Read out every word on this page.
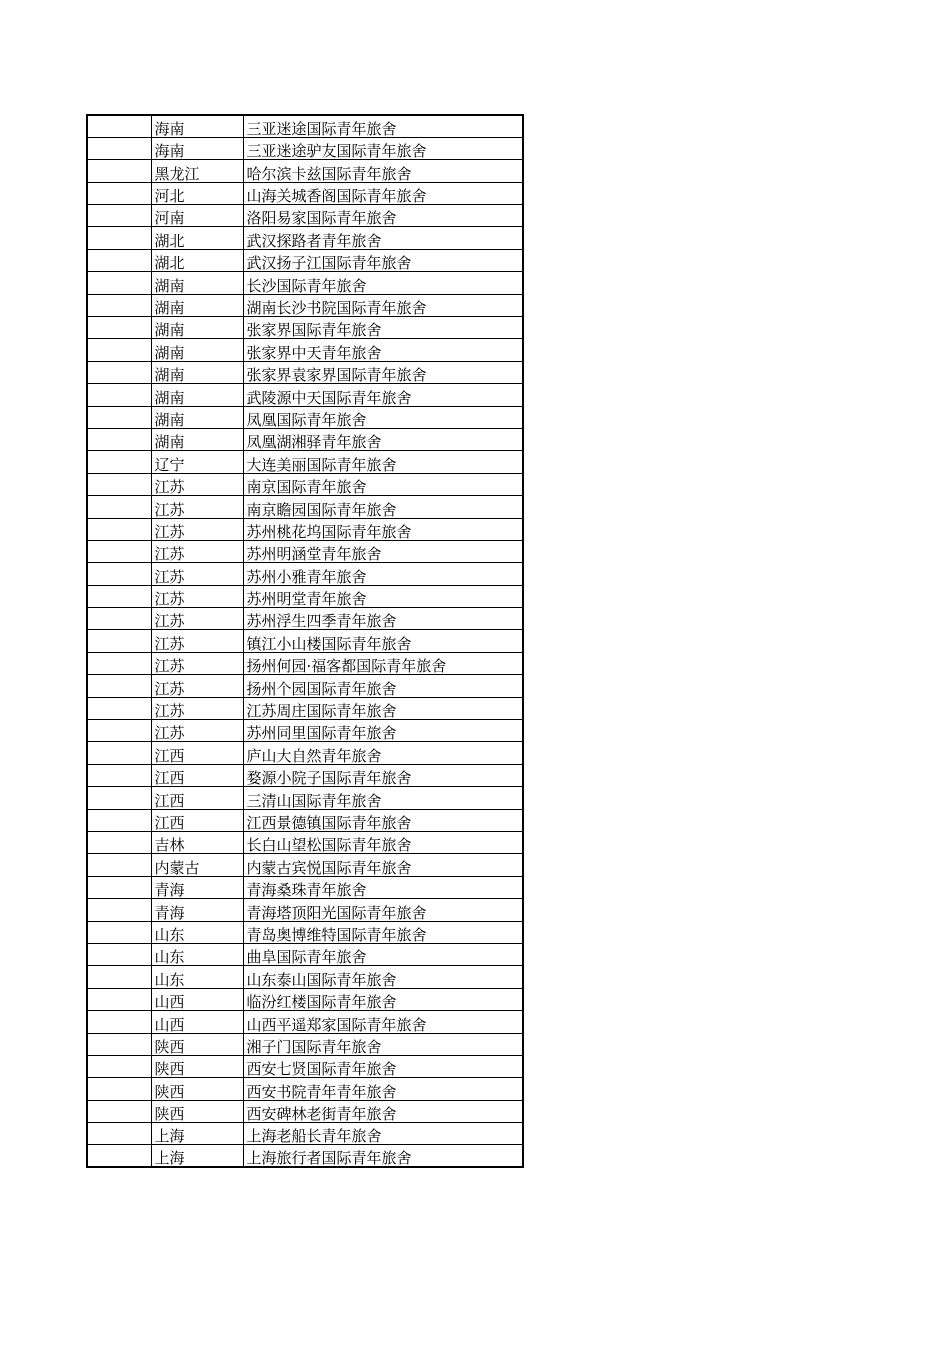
	海南	三亚迷途国际青年旅舍
	海南	三亚迷途驴友国际青年旅舍
	黑龙江	哈尔滨卡兹国际青年旅舍
	河北	山海关城香阁国际青年旅舍
	河南	洛阳易家国际青年旅舍
	湖北	武汉探路者青年旅舍
	湖北	武汉扬子江国际青年旅舍
	湖南	长沙国际青年旅舍
	湖南	湖南长沙书院国际青年旅舍
	湖南	张家界国际青年旅舍
	湖南	张家界中天青年旅舍
	湖南	张家界袁家界国际青年旅舍
	湖南	武陵源中天国际青年旅舍
	湖南	凤凰国际青年旅舍
	湖南	凤凰湖湘驿青年旅舍
	辽宁	大连美丽国际青年旅舍
	江苏	南京国际青年旅舍
	江苏	南京瞻园国际青年旅舍
	江苏	苏州桃花坞国际青年旅舍
	江苏	苏州明涵堂青年旅舍
	江苏	苏州小雅青年旅舍
	江苏	苏州明堂青年旅舍
	江苏	苏州浮生四季青年旅舍
	江苏	镇江小山楼国际青年旅舍
	江苏	扬州何园·福客都国际青年旅舍
	江苏	扬州个园国际青年旅舍
	江苏	江苏周庄国际青年旅舍
	江苏	苏州同里国际青年旅舍
	江西	庐山大自然青年旅舍
	江西	婺源小院子国际青年旅舍
	江西	三清山国际青年旅舍
	江西	江西景德镇国际青年旅舍
	吉林	长白山望松国际青年旅舍
	内蒙古	内蒙古宾悦国际青年旅舍
	青海	青海桑珠青年旅舍
	青海	青海塔顶阳光国际青年旅舍
	山东	青岛奥博维特国际青年旅舍
	山东	曲阜国际青年旅舍
	山东	山东泰山国际青年旅舍
	山西	临汾红楼国际青年旅舍
	山西	山西平遥郑家国际青年旅舍
	陕西	湘子门国际青年旅舍
	陕西	西安七贤国际青年旅舍
	陕西	西安书院青年青年旅舍
	陕西	西安碑林老街青年旅舍
	上海	上海老船长青年旅舍
	上海	上海旅行者国际青年旅舍
